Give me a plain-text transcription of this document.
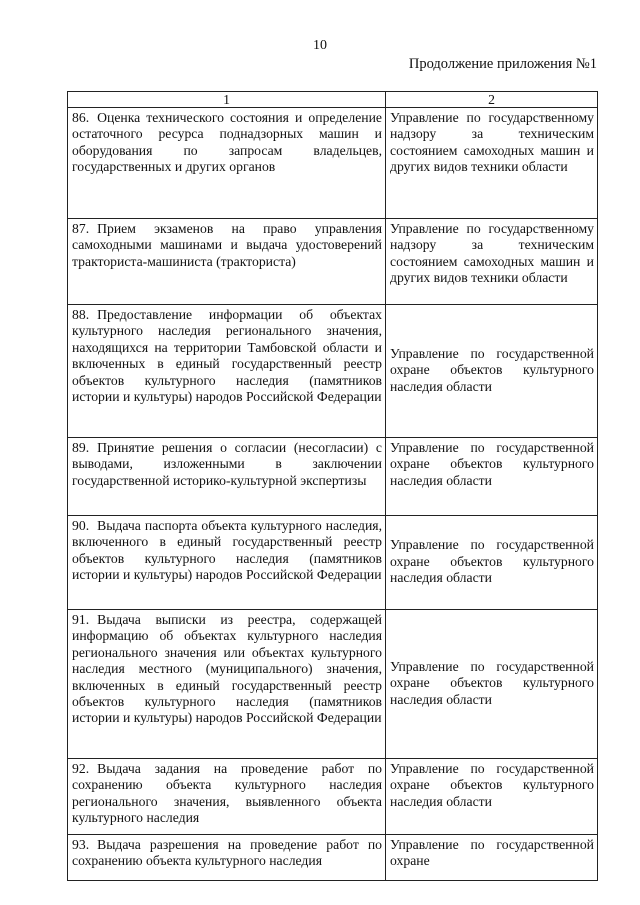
10
Продолжение приложения №1
1	2
86. Оценка технического состояния и определение остаточного ресурса поднадзорных машин и оборудования по запросам владельцев, государственных и других органов	Управление по государственному надзору за техническим состоянием самоходных машин и других видов техники области
87. Прием экзаменов на право управления самоходными машинами и выдача удостоверений тракториста-машиниста (тракториста)	Управление по государственному надзору за техническим состоянием самоходных машин и других видов техники области
88. Предоставление информации об объектах культурного наследия регионального значения, находящихся на территории Тамбовской области и включенных в единый государственный реестр объектов культурного наследия (памятников истории и культуры) народов Российской Федерации	Управление по государственной охране объектов культурного наследия области
89. Принятие решения о согласии (несогласии) с выводами, изложенными в заключении государственной историко-культурной экспертизы	Управление по государственной охране объектов культурного наследия области
90. Выдача паспорта объекта культурного наследия, включенного в единый государственный реестр объектов культурного наследия (памятников истории и культуры) народов Российской Федерации	Управление по государственной охране объектов культурного наследия области
91. Выдача выписки из реестра, содержащей информацию об объектах культурного наследия регионального значения или объектах культурного наследия местного (муниципального) значения, включенных в единый государственный реестр объектов культурного наследия (памятников истории и культуры) народов Российской Федерации	Управление по государственной охране объектов культурного наследия области
92. Выдача задания на проведение работ по сохранению объекта культурного наследия регионального значения, выявленного объекта культурного наследия	Управление по государственной охране объектов культурного наследия области
93. Выдача разрешения на проведение работ по сохранению объекта культурного наследия	Управление по государственной охране
